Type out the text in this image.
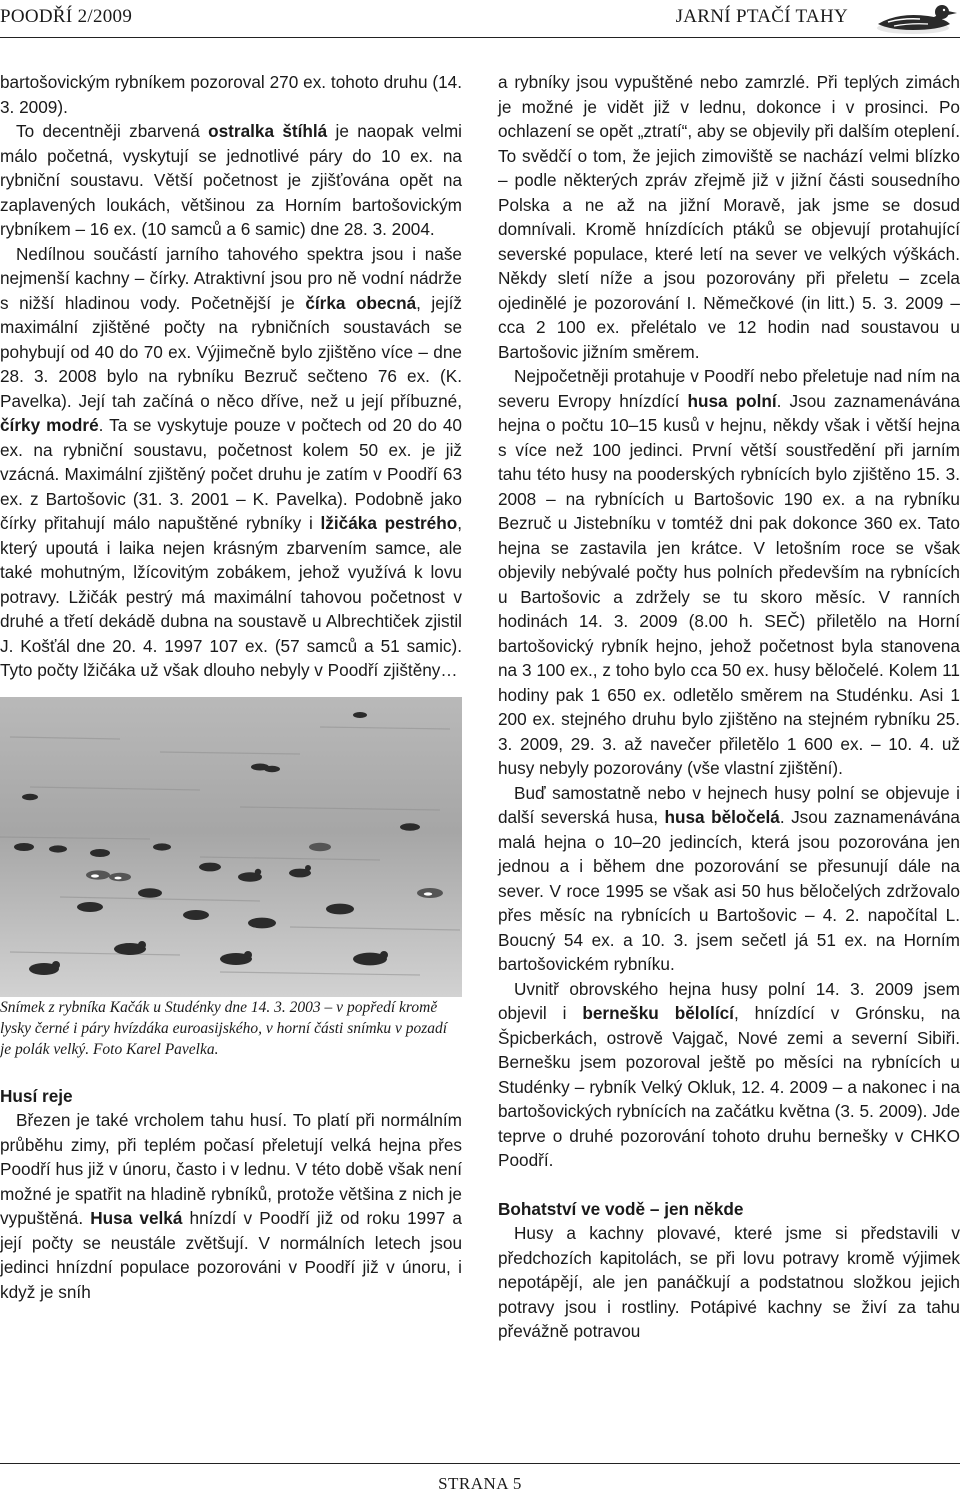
POODŘÍ 2/2009	JARNÍ PTAČÍ TAHY

bartošovickým rybníkem pozoroval 270 ex. tohoto druhu (14. 3. 2009).

To decentněji zbarvená ostralka štíhlá je naopak velmi málo početná, vyskytují se jednotlivé páry do 10 ex. na rybniční soustavu. Větší početnost je zjišťována opět na zaplavených loukách, většinou za Horním bartošovickým rybníkem – 16 ex. (10 samců a 6 samic) dne 28. 3. 2004.

Nedílnou součástí jarního tahového spektra jsou i naše nejmenší kachny – čírky. Atraktivní jsou pro ně vodní nádrže s nižší hladinou vody. Početnější je čírka obecná, jejíž maximální zjištěné počty na rybničních soustavách se pohybují od 40 do 70 ex. Výjimečně bylo zjištěno více – dne 28. 3. 2008 bylo na rybníku Bezruč sečteno 76 ex. (K. Pavelka). Její tah začíná o něco dříve, než u její příbuzné, čírky modré. Ta se vyskytuje pouze v počtech od 20 do 40 ex. na rybniční soustavu, početnost kolem 50 ex. je již vzácná. Maximální zjištěný počet druhu je zatím v Poodří 63 ex. z Bartošovic (31. 3. 2001 – K. Pavelka). Podobně jako čírky přitahují málo napuštěné rybníky i lžičáka pestrého, který upoutá i laika nejen krásným zbarvením samce, ale také mohutným, lžícovitým zobákem, jehož využívá k lovu potravy. Lžičák pestrý má maximální tahovou početnost v druhé a třetí dekádě dubna na soustavě u Albrechtiček zjistil J. Košťál dne 20. 4. 1997 107 ex. (57 samců a 51 samic). Tyto počty lžičáka už však dlouho nebyly v Poodří zjištěny…

Snímek z rybníka Kačák u Studénky dne 14. 3. 2003 – v popředí kromě lysky černé i páry hvízdáka euroasijského, v horní části snímku v pozadí je polák velký. Foto Karel Pavelka.

Husí reje

Březen je také vrcholem tahu husí. To platí při normálním průběhu zimy, při teplém počasí přeletují velká hejna přes Poodří hus již v únoru, často i v lednu. V této době však není možné je spatřit na hladině rybníků, protože většina z nich je vypuštěná. Husa velká hnízdí v Poodří již od roku 1997 a její počty se neustále zvětšují. V normálních letech jsou jedinci hnízdní populace pozorováni v Poodří již v únoru, i když je sníh

a rybníky jsou vypuštěné nebo zamrzlé. Při teplých zimách je možné je vidět již v lednu, dokonce i v prosinci. Po ochlazení se opět „ztratí“, aby se objevily při dalším oteplení. To svědčí o tom, že jejich zimoviště se nachází velmi blízko – podle některých zpráv zřejmě již v jižní části sousedního Polska a ne až na jižní Moravě, jak jsme se dosud domnívali. Kromě hnízdících ptáků se objevují protahující severské populace, které letí na sever ve velkých výškách. Někdy sletí níže a jsou pozorovány při přeletu – zcela ojedinělé je pozorování I. Němečkové (in litt.) 5. 3. 2009 – cca 2 100 ex. přelétalo ve 12 hodin nad soustavou u Bartošovic jižním směrem.

Nejpočetněji protahuje v Poodří nebo přeletuje nad ním na severu Evropy hnízdící husa polní. Jsou zaznamenávána hejna o počtu 10–15 kusů v hejnu, někdy však i větší hejna s více než 100 jedinci. První větší soustředění při jarním tahu této husy na pooderských rybnících bylo zjištěno 15. 3. 2008 – na rybnících u Bartošovic 190 ex. a na rybníku Bezruč u Jistebníku v tomtéž dni pak dokonce 360 ex. Tato hejna se zastavila jen krátce. V letošním roce se však objevily nebývalé počty hus polních především na rybnících u Bartošovic a zdržely se tu skoro měsíc. V ranních hodinách 14. 3. 2009 (8.00 h. SEČ) přiletělo na Horní bartošovický rybník hejno, jehož početnost byla stanovena na 3 100 ex., z toho bylo cca 50 ex. husy běločelé. Kolem 11 hodiny pak 1 650 ex. odletělo směrem na Studénku. Asi 1 200 ex. stejného druhu bylo zjištěno na stejném rybníku 25. 3. 2009, 29. 3. až navečer přiletělo 1 600 ex. – 10. 4. už husy nebyly pozorovány (vše vlastní zjištění).

Buď samostatně nebo v hejnech husy polní se objevuje i další severská husa, husa běločelá. Jsou zaznamenávána malá hejna o 10–20 jedincích, která jsou pozorována jen jednou a i během dne pozorování se přesunují dále na sever. V roce 1995 se však asi 50 hus běločelých zdržovalo přes měsíc na rybnících u Bartošovic – 4. 2. napočítal L. Boucný 54 ex. a 10. 3. jsem sečetl já 51 ex. na Horním bartošovickém rybníku.

Uvnitř obrovského hejna husy polní 14. 3. 2009 jsem objevil i bernešku bělolící, hnízdící v Grónsku, na Špicberkách, ostrově Vajgač, Nové zemi a severní Sibiři. Bernešku jsem pozoroval ještě po měsíci na rybnících u Studénky – rybník Velký Okluk, 12. 4. 2009 – a nakonec i na bartošovických rybnících na začátku května (3. 5. 2009). Jde teprve o druhé pozorování tohoto druhu bernešky v CHKO Poodří.

Bohatství ve vodě – jen někde

Husy a kachny plovavé, které jsme si představili v předchozích kapitolách, se při lovu potravy kromě výjimek nepotápějí, ale jen panáčkují a podstatnou složkou jejich potravy jsou i rostliny. Potápivé kachny se živí za tahu převážně potravou

STRANA 5
